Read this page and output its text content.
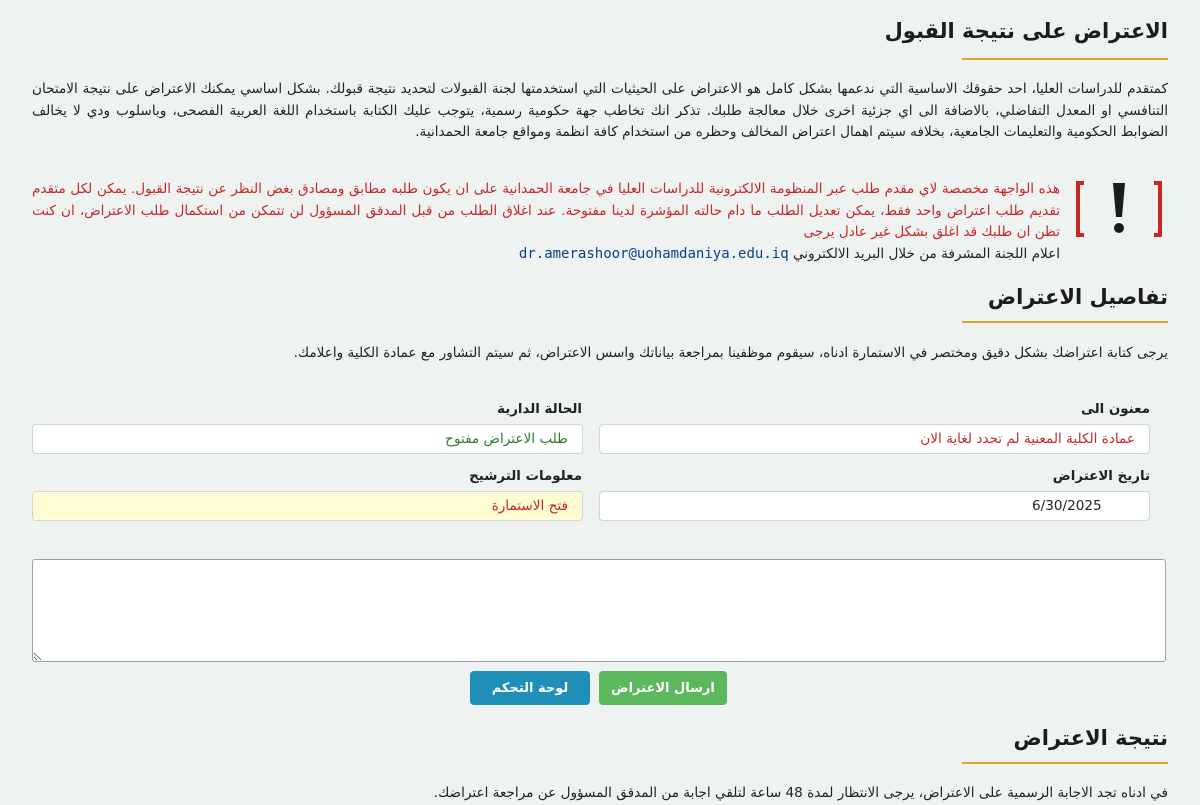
الاعتراض على نتيجة القبول

كمتقدم للدراسات العليا، احد حقوقك الاساسية التي ندعمها بشكل كامل هو الاعتراض على الحيثيات التي استخدمتها لجنة القبولات لتحديد نتيجة قبولك. بشكل اساسي يمكنك الاعتراض على نتيجة الامتحان التنافسي او المعدل التفاضلي، بالاضافة الى اي جزئية اخرى خلال معالجة طلبك. تذكر انك تخاطب جهة حكومية رسمية، يتوجب عليك الكتابة باستخدام اللغة العربية الفصحى، وباسلوب ودي لا يخالف الضوابط الحكومية والتعليمات الجامعية، بخلافه سيتم اهمال اعتراض المخالف وحظره من استخدام كافة انظمة ومواقع جامعة الحمدانية.

هذه الواجهة مخصصة لاي مقدم طلب عبر المنظومة الالكترونية للدراسات العليا في جامعة الحمدانية على ان يكون طلبه مطابق ومصادق بغض النظر عن نتيجة القبول. يمكن لكل متقدم تقديم طلب اعتراض واحد فقط، يمكن تعديل الطلب ما دام حالته المؤشرة لدينا مفتوحة. عند اغلاق الطلب من قبل المدقق المسؤول لن تتمكن من استكمال طلب الاعتراض، ان كنت تظن ان طلبك قد اغلق بشكل غير عادل يرجى
اعلام اللجنة المشرفة من خلال البريد الالكتروني dr.amerashoor@uohamdaniya.edu.iq
تفاصيل الاعتراض

يرجى كتابة اعتراضك بشكل دقيق ومختصر في الاستمارة ادناه، سيقوم موظفينا بمراجعة بياناتك واسس الاعتراض، ثم سيتم التشاور مع عمادة الكلية واعلامك.

معنون الى
عمادة الكلية المعنية لم تحدد لغاية الان
الحالة الدارية
طلب الاعتراض مفتوح
تاريخ الاعتراض
6/30/2025
معلومات الترشيح
فتح الاستمارة
ارسال الاعتراض
لوحة التحكم
نتيجة الاعتراض

في ادناه تجد الاجابة الرسمية على الاعتراض، يرجى الانتظار لمدة 48 ساعة لتلقي اجابة من المدقق المسؤول عن مراجعة اعتراضك.
